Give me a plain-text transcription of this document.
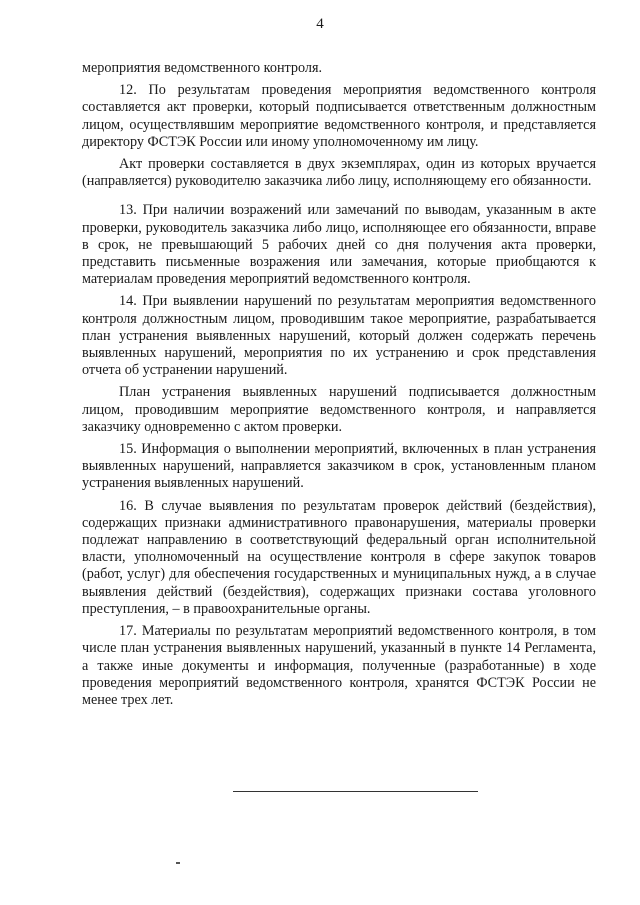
4

мероприятия ведомственного контроля.

12. По результатам проведения мероприятия ведомственного контроля составляется акт проверки, который подписывается ответственным должностным лицом, осуществлявшим мероприятие ведомственного контроля, и представляется директору ФСТЭК России или иному уполномоченному им лицу.

Акт проверки составляется в двух экземплярах, один из которых вручается (направляется) руководителю заказчика либо лицу, исполняющему его обязанности.

13. При наличии возражений или замечаний по выводам, указанным в акте проверки, руководитель заказчика либо лицо, исполняющее его обязанности, вправе в срок, не превышающий 5 рабочих дней со дня получения акта проверки, представить письменные возражения или замечания, которые приобщаются к материалам проведения мероприятий ведомственного контроля.

14. При выявлении нарушений по результатам мероприятия ведомственного контроля должностным лицом, проводившим такое мероприятие, разрабатывается план устранения выявленных нарушений, который должен содержать перечень выявленных нарушений, мероприятия по их устранению и срок представления отчета об устранении нарушений.

План устранения выявленных нарушений подписывается должностным лицом, проводившим мероприятие ведомственного контроля, и направляется заказчику одновременно с актом проверки.

15. Информация о выполнении мероприятий, включенных в план устранения выявленных нарушений, направляется заказчиком в срок, установленным планом устранения выявленных нарушений.

16. В случае выявления по результатам проверок действий (бездействия), содержащих признаки административного правонарушения, материалы проверки подлежат направлению в соответствующий федеральный орган исполнительной власти, уполномоченный на осуществление контроля в сфере закупок товаров (работ, услуг) для обеспечения государственных и муниципальных нужд, а в случае выявления действий (бездействия), содержащих признаки состава уголовного преступления, – в правоохранительные органы.

17. Материалы по результатам мероприятий ведомственного контроля, в том числе план устранения выявленных нарушений, указанный в пункте 14 Регламента, а также иные документы и информация, полученные (разработанные) в ходе проведения мероприятий ведомственного контроля, хранятся ФСТЭК России не менее трех лет.
